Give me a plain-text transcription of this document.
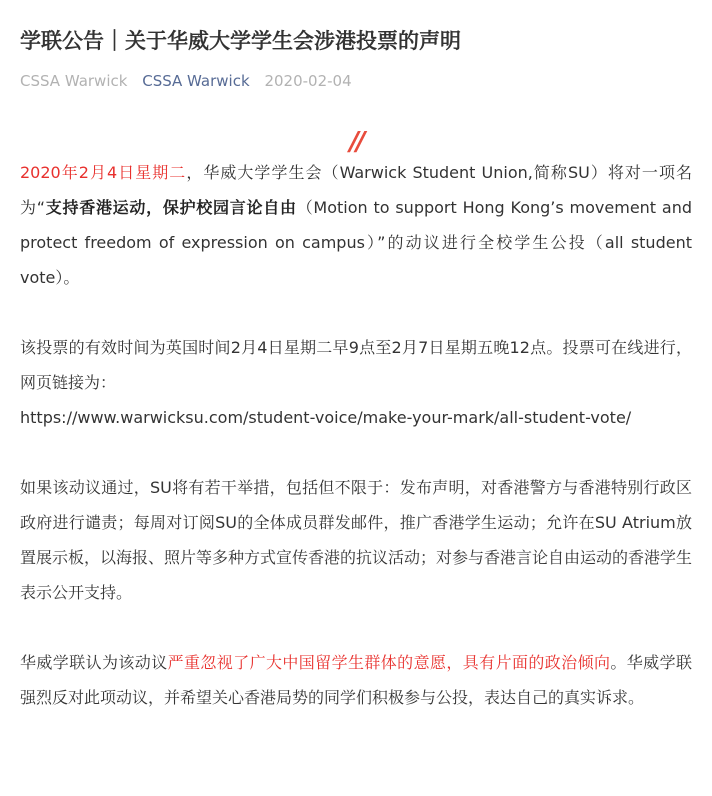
学联公告｜关于华威大学学生会涉港投票的声明
CSSA Warwick CSSA Warwick 2020-02-04
//

2020年2月4日星期二，华威大学学生会（Warwick Student Union,简称SU）将对一项名为“支持香港运动，保护校园言论自由（Motion to support Hong Kong’s movement and protect freedom of expression on campus）”的动议进行全校学生公投（all student vote）。

该投票的有效时间为英国时间2月4日星期二早9点至2月7日星期五晚12点。投票可在线进行，网页链接为：
https://www.warwicksu.com/student-voice/make-your-mark/all-student-vote/

如果该动议通过，SU将有若干举措，包括但不限于：发布声明，对香港警方与香港特别行政区政府进行谴责；每周对订阅SU的全体成员群发邮件，推广香港学生运动；允许在SU Atrium放置展示板，以海报、照片等多种方式宣传香港的抗议活动；对参与香港言论自由运动的香港学生表示公开支持。

华威学联认为该动议严重忽视了广大中国留学生群体的意愿，具有片面的政治倾向。华威学联强烈反对此项动议，并希望关心香港局势的同学们积极参与公投，表达自己的真实诉求。
